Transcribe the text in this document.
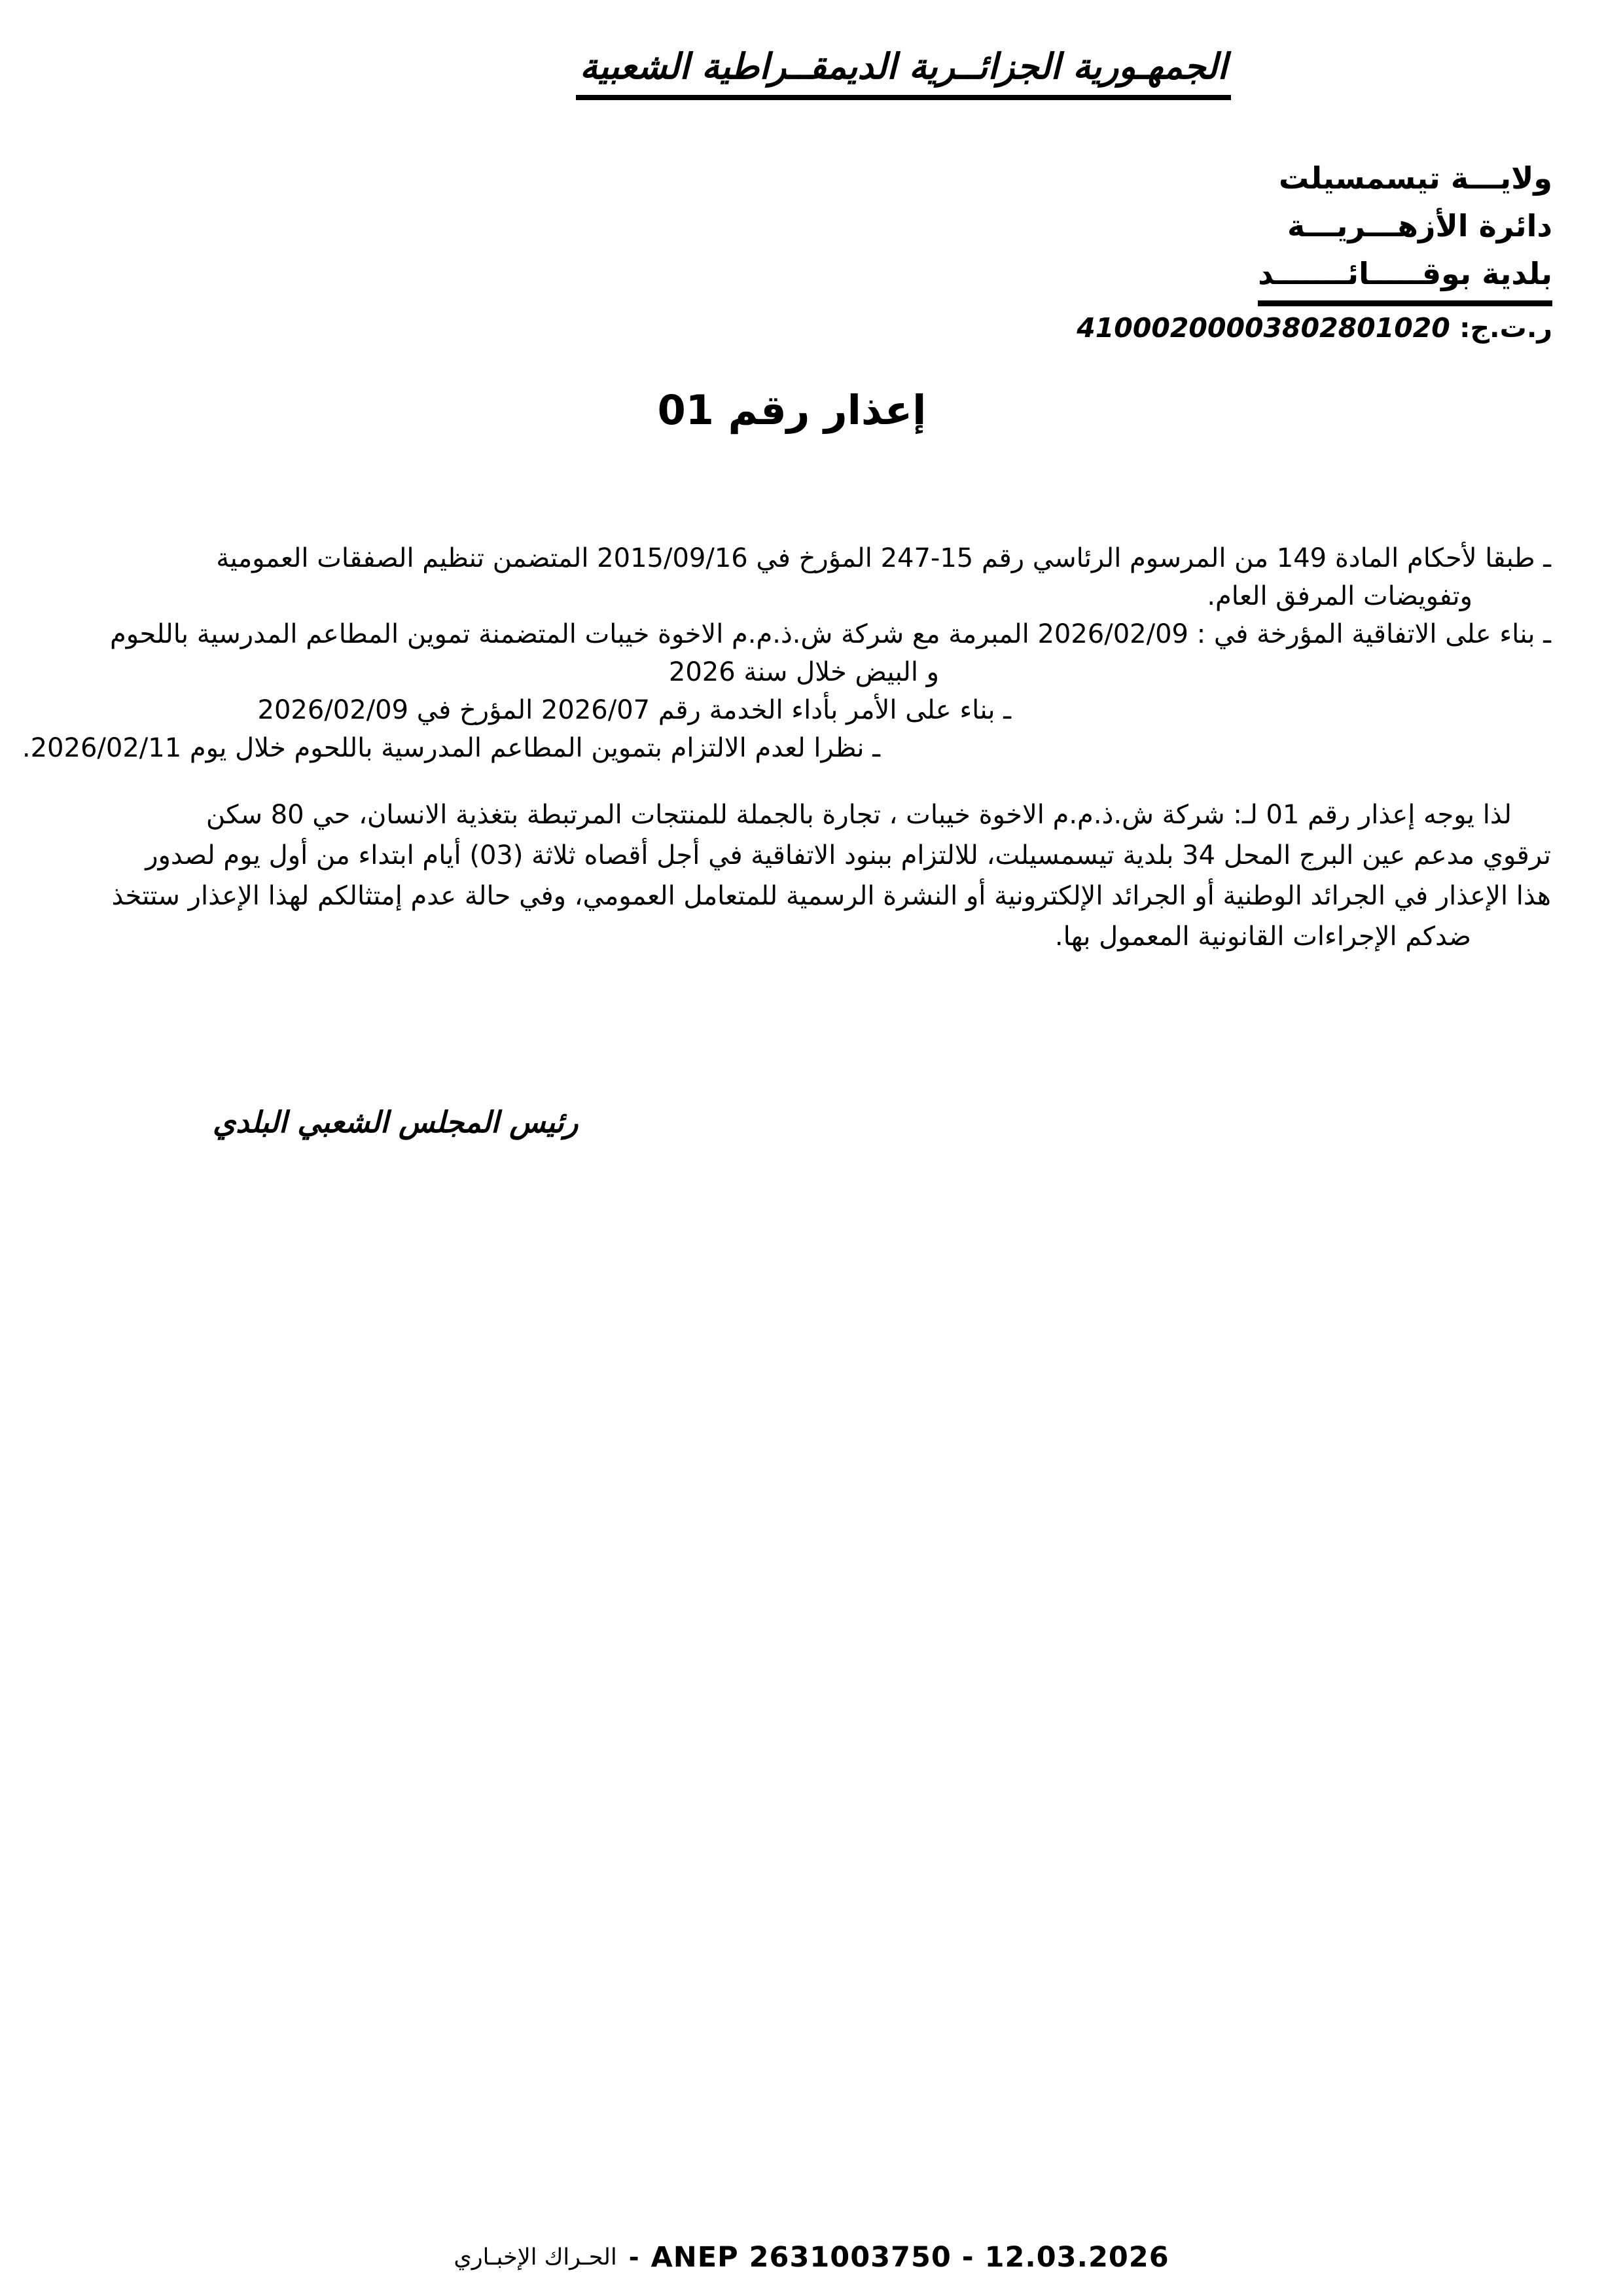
الجمهـورية الجزائــرية الديمقــراطية الشعبية
ولايـــة تيسمسيلت
دائرة الأزهـــريـــة
بلدية بوقـــــائـــــــد
ر.ت.ج: 41000200003802801020
إعذار رقم 01
ـ طبقا لأحكام المادة 149 من المرسوم الرئاسي رقم 15-247 المؤرخ في 2015/09/16 المتضمن تنظيم الصفقات العمومية
وتفويضات المرفق العام.
ـ بناء على الاتفاقية المؤرخة في : 2026/02/09 المبرمة مع شركة ش.ذ.م.م الاخوة خيبات المتضمنة تموين المطاعم المدرسية باللحوم
و البيض خلال سنة 2026
ـ بناء على الأمر بأداء الخدمة رقم 2026/07 المؤرخ في 2026/02/09
ـ نظرا لعدم الالتزام بتموين المطاعم المدرسية باللحوم خلال يوم 2026/02/11.
لذا يوجه إعذار رقم 01 لـ: شركة ش.ذ.م.م الاخوة خيبات ، تجارة بالجملة للمنتجات المرتبطة بتغذية الانسان، حي 80 سكن
ترقوي مدعم عين البرج المحل 34 بلدية تيسمسيلت، للالتزام ببنود الاتفاقية في أجل أقصاه ثلاثة (03) أيام ابتداء من أول يوم لصدور
هذا الإعذار في الجرائد الوطنية أو الجرائد الإلكترونية أو النشرة الرسمية للمتعامل العمومي، وفي حالة عدم إمتثالكم لهذا الإعذار ستتخذ
ضدكم الإجراءات القانونية المعمول بها.
رئيس المجلس الشعبي البلدي
الحـراك الإخبـاري - ANEP 2631003750 - 12.03.2026
